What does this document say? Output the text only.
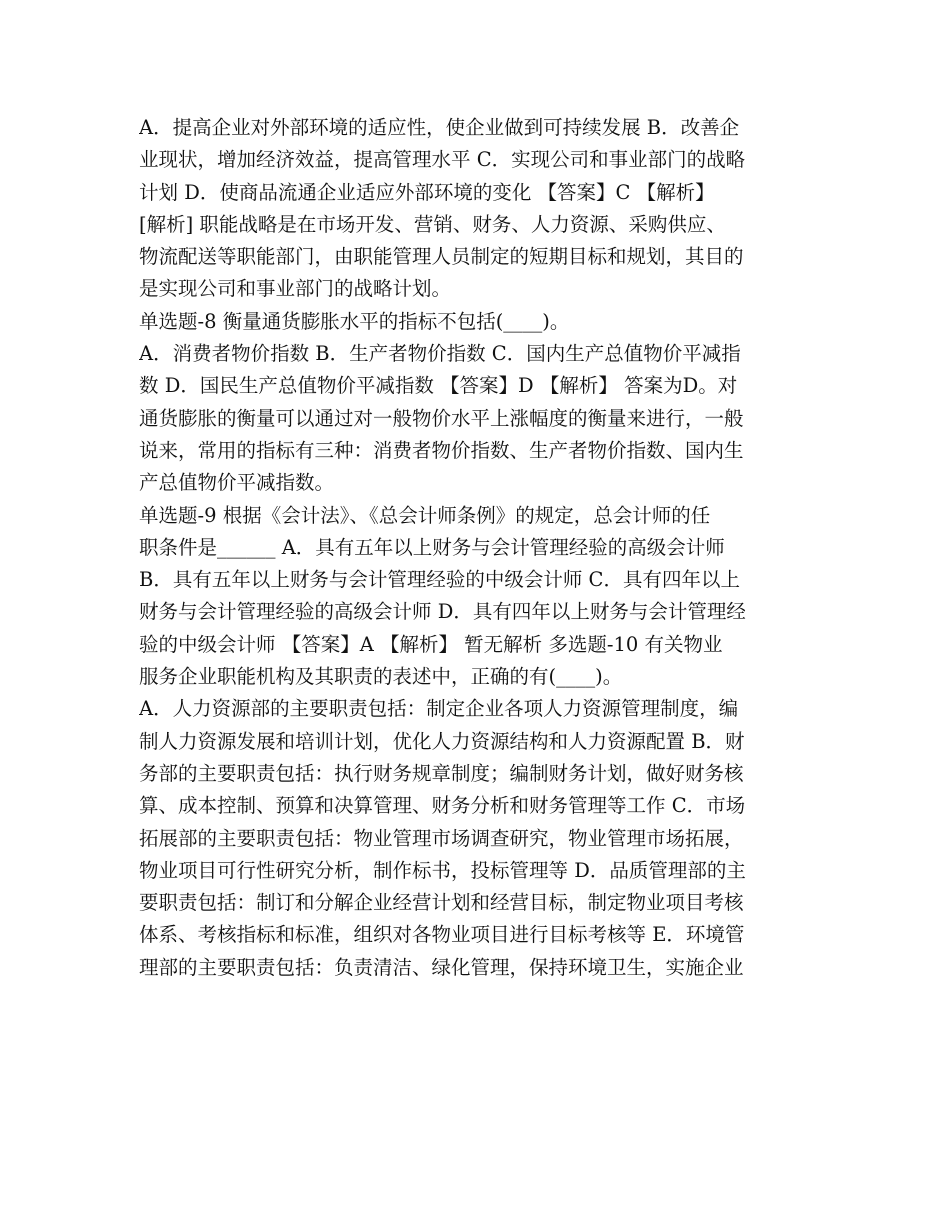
A．提高企业对外部环境的适应性，使企业做到可持续发展 B．改善企
业现状，增加经济效益，提高管理水平 C．实现公司和事业部门的战略
计划 D．使商品流通企业适应外部环境的变化 【答案】C 【解析】
[解析] 职能战略是在市场开发、营销、财务、人力资源、采购供应、
物流配送等职能部门，由职能管理人员制定的短期目标和规划，其目的
是实现公司和事业部门的战略计划。
单选题-8 衡量通货膨胀水平的指标不包括(____)。
A．消费者物价指数 B．生产者物价指数 C．国内生产总值物价平减指
数 D．国民生产总值物价平减指数 【答案】D 【解析】 答案为D。对
通货膨胀的衡量可以通过对一般物价水平上涨幅度的衡量来进行，一般
说来，常用的指标有三种：消费者物价指数、生产者物价指数、国内生
产总值物价平减指数。
单选题-9 根据《会计法》、《总会计师条例》的规定，总会计师的任
职条件是______ A．具有五年以上财务与会计管理经验的高级会计师
B．具有五年以上财务与会计管理经验的中级会计师 C．具有四年以上
财务与会计管理经验的高级会计师 D．具有四年以上财务与会计管理经
验的中级会计师 【答案】A 【解析】 暂无解析 多选题-10 有关物业
服务企业职能机构及其职责的表述中，正确的有(____)。
A．人力资源部的主要职责包括：制定企业各项人力资源管理制度，编
制人力资源发展和培训计划，优化人力资源结构和人力资源配置 B．财
务部的主要职责包括：执行财务规章制度；编制财务计划，做好财务核
算、成本控制、预算和决算管理、财务分析和财务管理等工作 C．市场
拓展部的主要职责包括：物业管理市场调查研究，物业管理市场拓展，
物业项目可行性研究分析，制作标书，投标管理等 D．品质管理部的主
要职责包括：制订和分解企业经营计划和经营目标，制定物业项目考核
体系、考核指标和标准，组织对各物业项目进行目标考核等 E．环境管
理部的主要职责包括：负责清洁、绿化管理，保持环境卫生，实施企业
